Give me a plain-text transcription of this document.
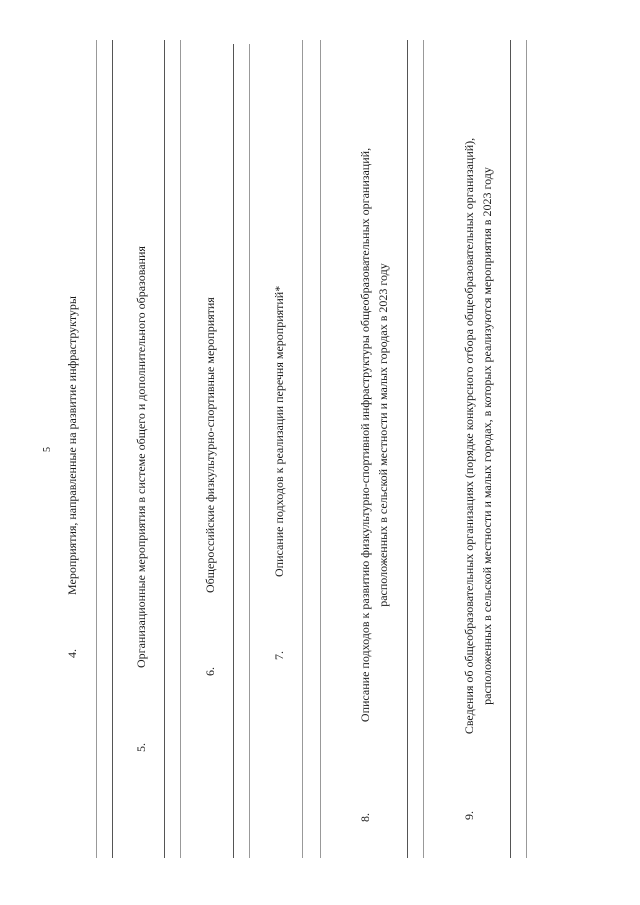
5
4.
Мероприятия, направленные на развитие инфраструктуры
5.
Организационные мероприятия в системе общего и дополнительного образования
6.
Общероссийские физкультурно-спортивные мероприятия
7.
Описание подходов к реализации перечня мероприятий*
8.
Описание подходов к развитию физкультурно-спортивной инфраструктуры общеобразовательных организаций, расположенных в сельской местности и малых городах в 2023 году
9.
Сведения об общеобразовательных организациях (порядке конкурсного отбора общеобразовательных организаций), расположенных в сельской местности и малых городах, в которых реализуются мероприятия в 2023 году
